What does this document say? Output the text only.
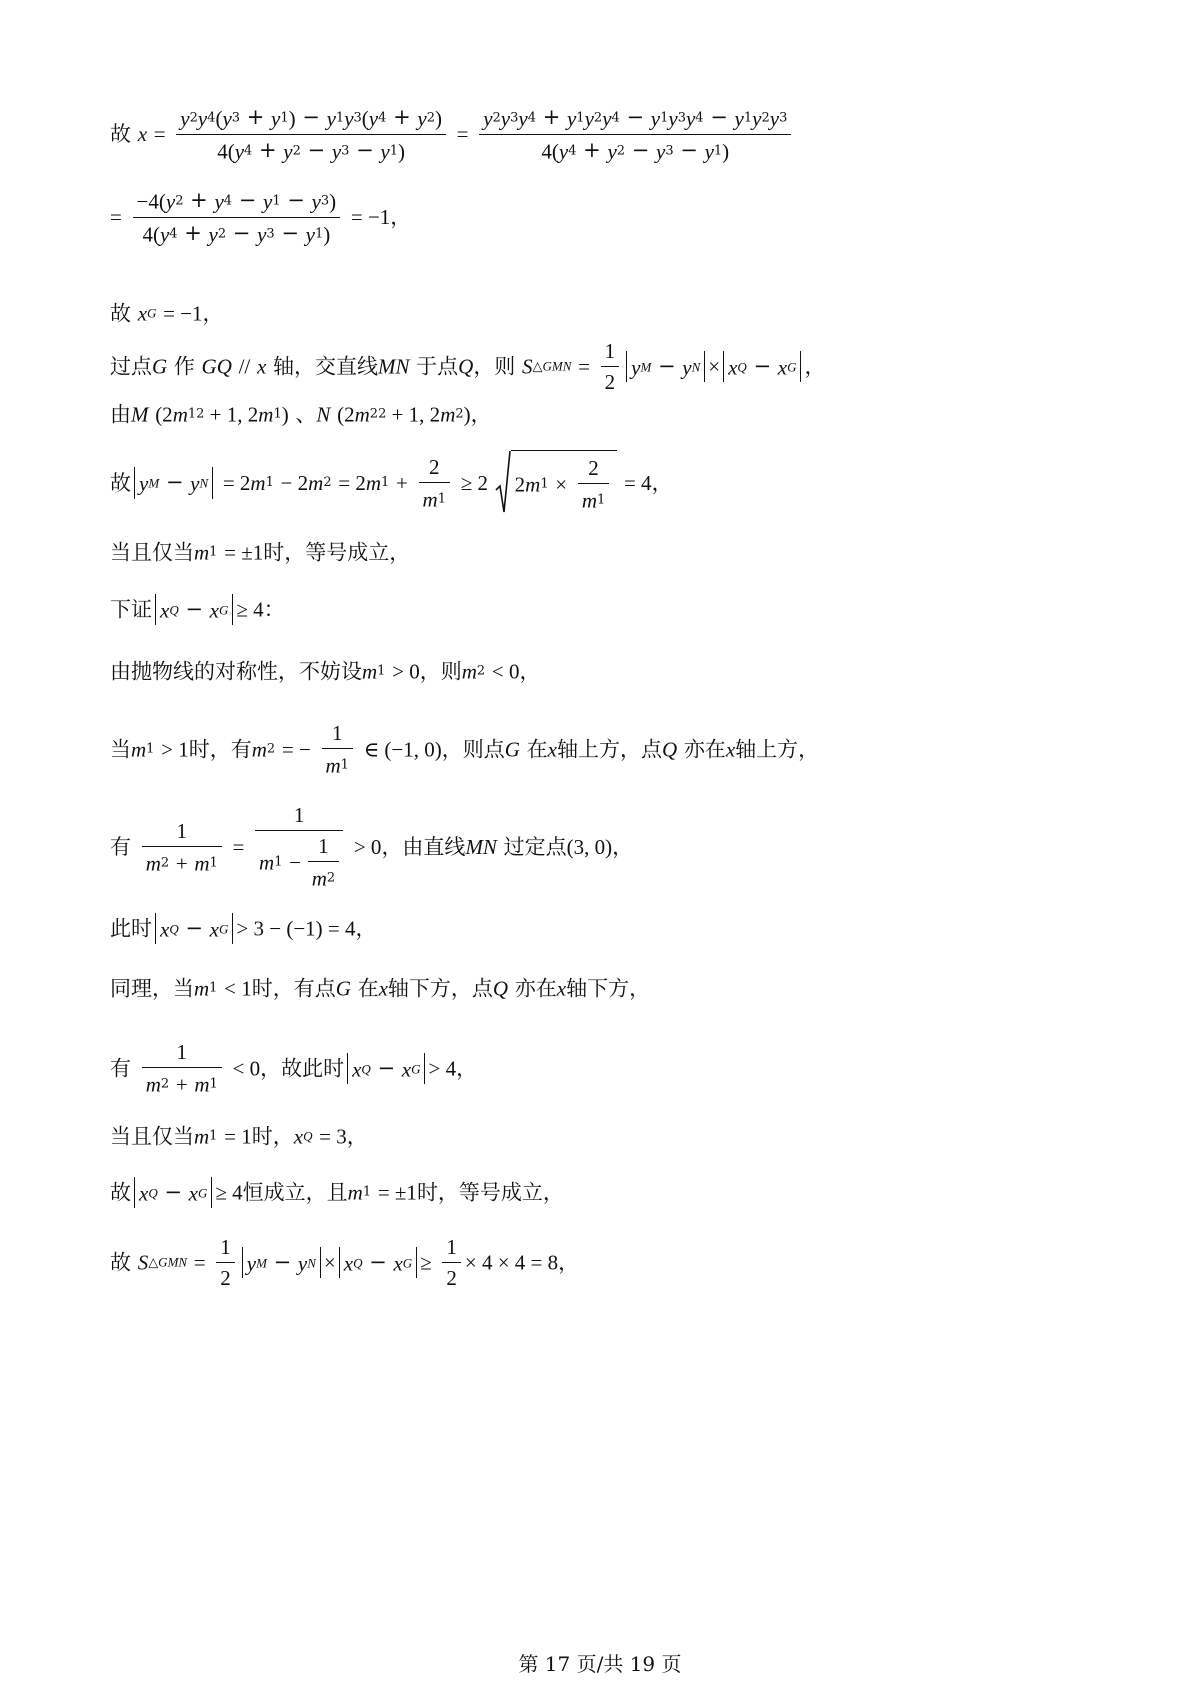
故 $x = \frac{y2y4(y3 + y1) - y1y3(y4 + y2)}{4(y4 + y2 - y3 - y1)} = \frac{y2y3y4 + y1y2y4 - y1y3y4 - y1y2y3}{4(y4 + y2 - y3 - y1)}$
= $\frac{-4(y2 + y4 - y1 - y3)}{4(y4 + y2 - y3 - y1)} = -1$，
故 xG = −1，
过点G 作 GQ // x 轴，交直线MN 于点Q，则 S△GMN = $\frac{1}{2}$ yM − yN × xQ − xG ，
由M (2m12 + 1, 2m1) 、N (2m22 + 1, 2m2)，
故 yM − yN = $2m1 - 2m2 = 2m1 + \frac{2}{m1} \ge 2$ $2m1 \times \frac{2}{m1} = 4$，
当且仅当m1 = ±1时，等号成立，
下证 xQ − xG ≥ 4：
由抛物线的对称性，不妨设m1 > 0，则m2 < 0，
当m1 > 1时，有m2 = − $\frac{1}{m1}$ ∈ (−1, 0)，则点G 在x轴上方，点Q 亦在x轴上方，
有 $\frac{1}{m2 + m1} = \frac{1}{m1 - \frac{1}{m2}} > 0$，由直线MN 过定点(3, 0)，
此时 xQ − xG > 3 − (−1) = 4，
同理，当m1 < 1时，有点G 在x轴下方，点Q 亦在x轴下方，
有 $\frac{1}{m2 + m1} < 0$，故此时 xQ − xG > 4，
当且仅当m1 = 1时，xQ = 3，
故 xQ − xG ≥ 4恒成立，且m1 = ±1时，等号成立，
故 S△GMN = $\frac{1}{2}$ yM − yN × xQ − xG ≥ $\frac{1}{2} \times 4 \times 4 = 8$，
第 17 页/共 19 页
